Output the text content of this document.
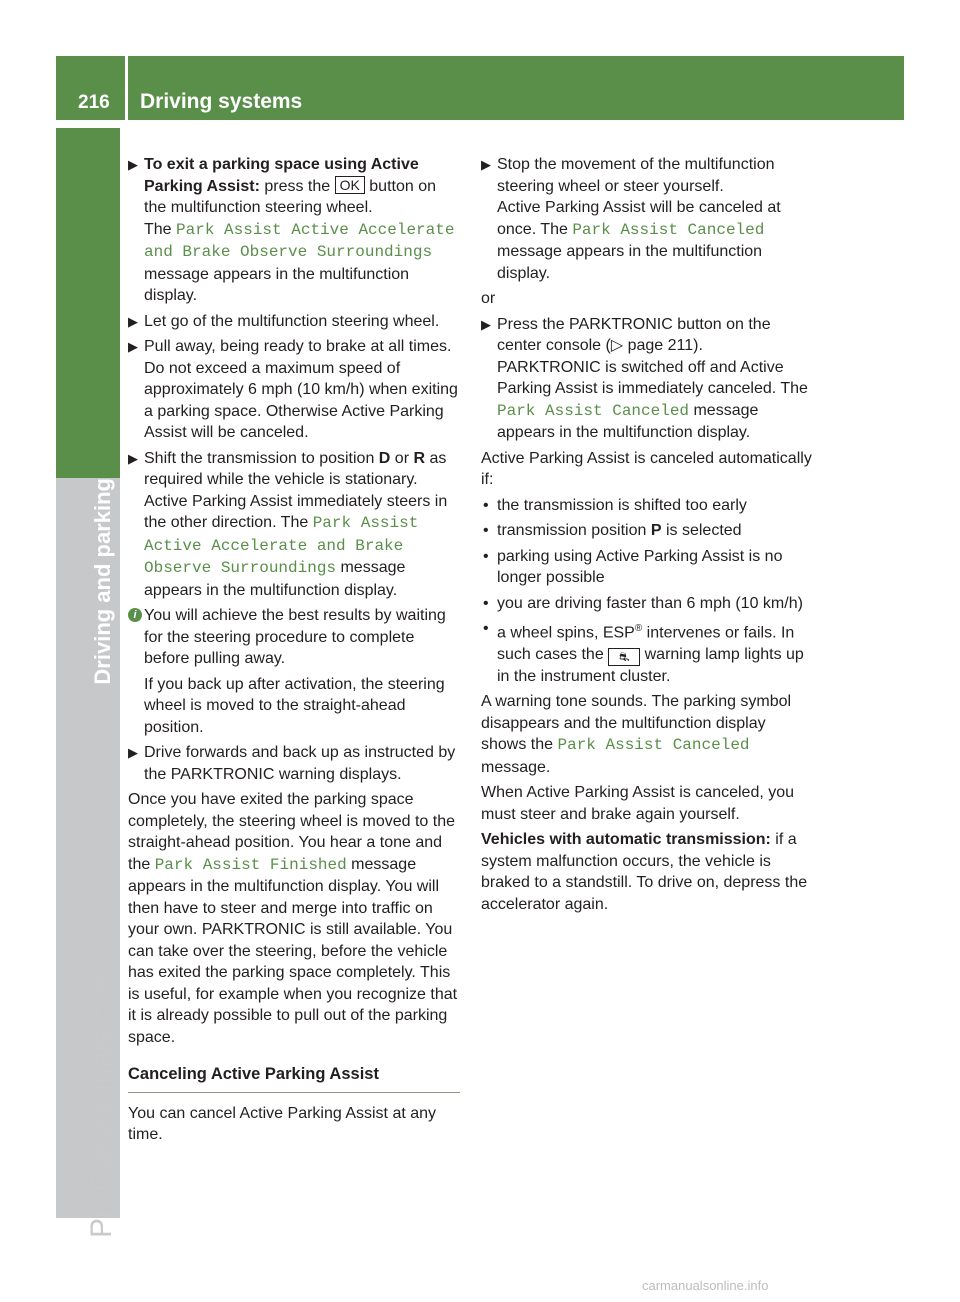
216 Driving systems
Driving and parking
ProCarManuals.com
carmanualsonline.info
▶ To exit a parking space using Active Parking Assist: press the OK button on the multifunction steering wheel.
The Park Assist Active Accelerate and Brake Observe Surroundings message appears in the multifunction display.
▶ Let go of the multifunction steering wheel.
▶ Pull away, being ready to brake at all times. Do not exceed a maximum speed of approximately 6 mph (10 km/h) when exiting a parking space. Otherwise Active Parking Assist will be canceled.
▶ Shift the transmission to position D or R as required while the vehicle is stationary. Active Parking Assist immediately steers in the other direction. The Park Assist Active Accelerate and Brake Observe Surroundings message appears in the multifunction display.
i You will achieve the best results by waiting for the steering procedure to complete before pulling away.

If you back up after activation, the steering wheel is moved to the straight-ahead position.

▶ Drive forwards and back up as instructed by the PARKTRONIC warning displays.

Once you have exited the parking space completely, the steering wheel is moved to the straight-ahead position. You hear a tone and the Park Assist Finished message appears in the multifunction display. You will then have to steer and merge into traffic on your own. PARKTRONIC is still available. You can take over the steering, before the vehicle has exited the parking space completely. This is useful, for example when you recognize that it is already possible to pull out of the parking space.

Canceling Active Parking Assist

You can cancel Active Parking Assist at any time.

▶ Stop the movement of the multifunction steering wheel or steer yourself.
Active Parking Assist will be canceled at once. The Park Assist Canceled message appears in the multifunction display.

or

▶ Press the PARKTRONIC button on the center console (▷ page 211).
PARKTRONIC is switched off and Active Parking Assist is immediately canceled. The Park Assist Canceled message appears in the multifunction display.

Active Parking Assist is canceled automatically if:

• the transmission is shifted too early
• transmission position P is selected
• parking using Active Parking Assist is no longer possible
• you are driving faster than 6 mph (10 km/h)
• a wheel spins, ESP® intervenes or fails. In such cases the ⛐ warning lamp lights up in the instrument cluster.

A warning tone sounds. The parking symbol disappears and the multifunction display shows the Park Assist Canceled message.

When Active Parking Assist is canceled, you must steer and brake again yourself.

Vehicles with automatic transmission: if a system malfunction occurs, the vehicle is braked to a standstill. To drive on, depress the accelerator again.
